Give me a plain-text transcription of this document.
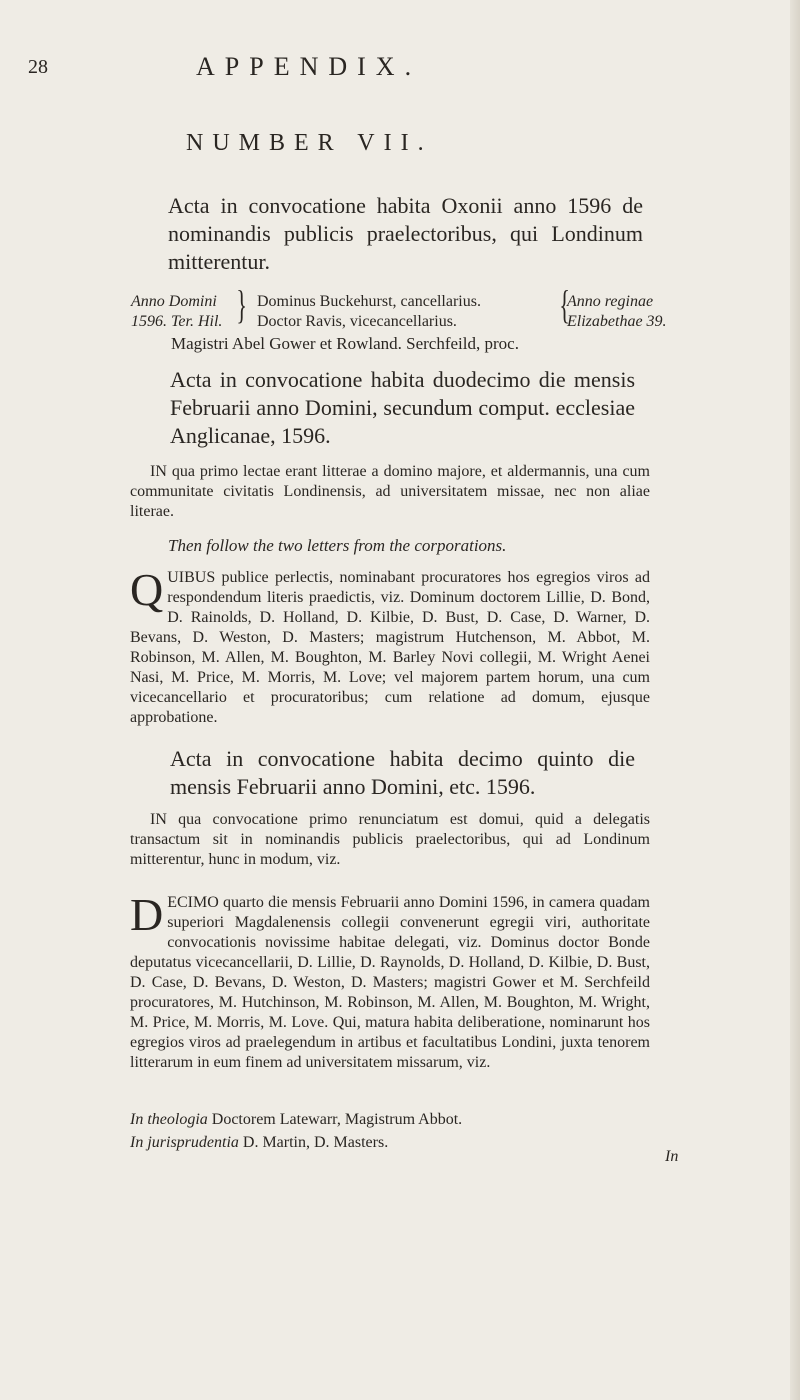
28	APPENDIX.
NUMBER VII.

Acta in convocatione habita Oxonii anno 1596 de nominandis publicis praelectoribus, qui Londinum mitterentur.

Anno Domini
1596. Ter. Hil. } Dominus Buckehurst, cancellarius.
Doctor Ravis, vicecancellarius.	}
Anno reginae
Elizabethae 39.
Magistri Abel Gower et Rowland. Serchfeild, proc.

Acta in convocatione habita duodecimo die mensis Februarii anno Domini, secundum comput. ecclesiae Anglicanae, 1596.

IN qua primo lectae erant litterae a domino majore, et aldermannis, una cum communitate civitatis Londinensis, ad universitatem missae, nec non aliae literae.

Then follow the two letters from the corporations.

QUIBUS publice perlectis, nominabant procuratores hos egregios viros ad respondendum literis praedictis, viz. Dominum doctorem Lillie, D. Bond, D. Rainolds, D. Holland, D. Kilbie, D. Bust, D. Case, D. Warner, D. Bevans, D. Weston, D. Masters; magistrum Hutchenson, M. Abbot, M. Robinson, M. Allen, M. Boughton, M. Barley Novi collegii, M. Wright Aenei Nasi, M. Price, M. Morris, M. Love; vel majorem partem horum, una cum vicecancellario et procuratoribus; cum relatione ad domum, ejusque approbatione.

Acta in convocatione habita decimo quinto die mensis Februarii anno Domini, etc. 1596.

IN qua convocatione primo renunciatum est domui, quid a delegatis transactum sit in nominandis publicis praelectoribus, qui ad Londinum mitterentur, hunc in modum, viz.

DECIMO quarto die mensis Februarii anno Domini 1596, in camera quadam superiori Magdalenensis collegii convenerunt egregii viri, authoritate convocationis novissime habitae delegati, viz. Dominus doctor Bonde deputatus vicecancellarii, D. Lillie, D. Raynolds, D. Holland, D. Kilbie, D. Bust, D. Case, D. Bevans, D. Weston, D. Masters; magistri Gower et M. Serchfeild procuratores, M. Hutchinson, M. Robinson, M. Allen, M. Boughton, M. Wright, M. Price, M. Morris, M. Love. Qui, matura habita deliberatione, nominarunt hos egregios viros ad praelegendum in artibus et facultatibus Londini, juxta tenorem litterarum in eum finem ad universitatem missarum, viz.

In theologia Doctorem Latewarr, Magistrum Abbot.
In jurisprudentia D. Martin, D. Masters.
In
